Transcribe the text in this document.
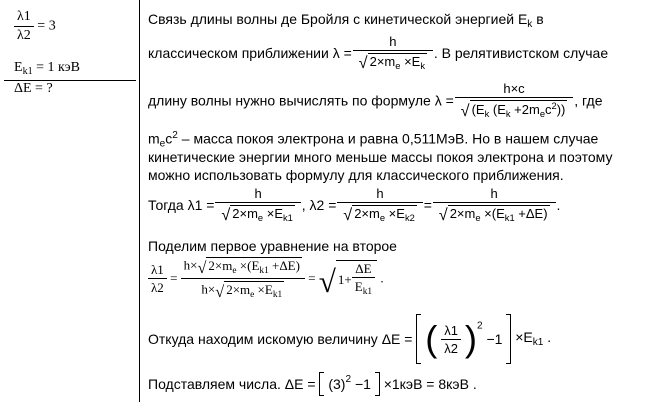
$\frac{\lambda 1}{\lambda 2} = 3$
$E_{k1} = 1$ кэВ
ΔE = ?
Связь длины волны де Бройля с кинетической энергией $E_k$ в
классическом приближении $\lambda = \frac{h}{√ 2\times m_e \times E_k}$ . В релятивистском случае
длину волны нужно вычислять по формуле $\lambda = \frac{h\times c}{√ (E_k (E_k +2m_ec^2))}$ , где
$m_ec^2$ – масса покоя электрона и равна 0,511МэВ. Но в нашем случае
кинетические энергии много меньше массы покоя электрона и поэтому
можно использовать формулу для классического приближения.
Тогда $\lambda 1 = \frac{h}{√ 2\times m_e \times E_{k1}}$ , $\lambda 2 = \frac{h}{√ 2\times m_e \times E_{k2}} = \frac{h}{√ 2\times m_e \times(E_{k1} +\Delta E)}$ .
Поделим первое уравнение на второе
$\frac{\lambda 1}{\lambda 2} = \frac{h\times √ 2\times m_e \times(E_{k1} +\Delta E)}{h\times √ 2\times m_e \times E_{k1}}$ = √ $1+ \frac{\Delta E}{E_{k1}}$ .
Откуда находим искомую величину ΔE =  ( $\frac{\lambda 1}{\lambda 2} )^2 -1 \times E_{k1}$ .
Подставляем числа. $\Delta E = (3)^2 -1 \times 1кэВ = 8кэВ$ .
